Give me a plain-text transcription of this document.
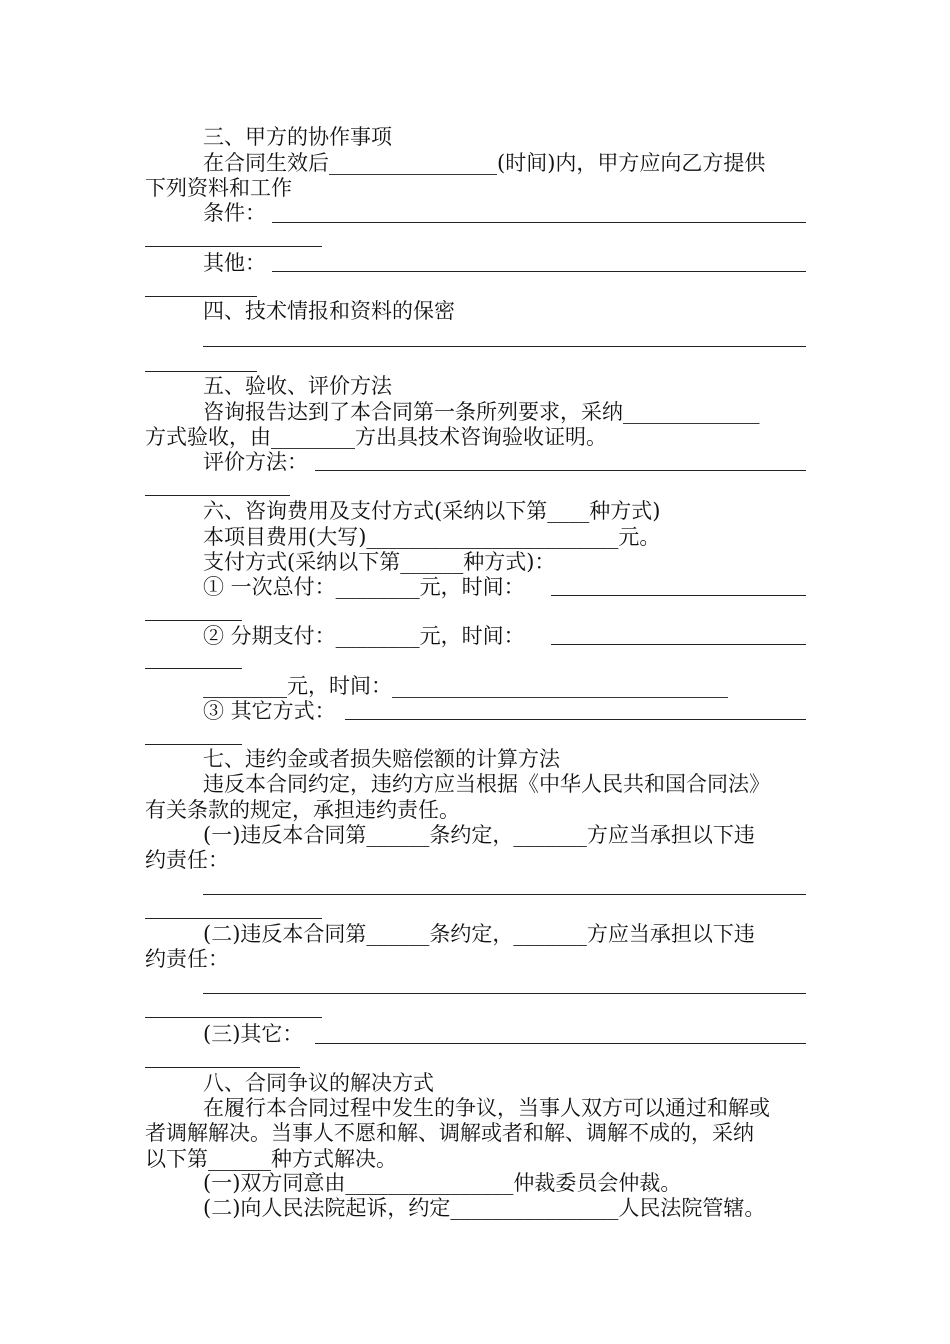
三、甲方的协作事项
在合同生效后________________(时间)内，甲方应向乙方提供
下列资料和工作
条件：
其他：
四、技术情报和资料的保密
五、验收、评价方法
咨询报告达到了本合同第一条所列要求，采纳_____________
方式验收，由________方出具技术咨询验收证明。
评价方法：
六、咨询费用及支付方式(采纳以下第____种方式)
本项目费用(大写)________________________元。
支付方式(采纳以下第______种方式)：
① 一次总付：________元，时间：
② 分期支付：________元，时间：
________元，时间：________________________________
③ 其它方式：
七、违约金或者损失赔偿额的计算方法
违反本合同约定，违约方应当根据《中华人民共和国合同法》
有关条款的规定，承担违约责任。
(一)违反本合同第______条约定，_______方应当承担以下违
约责任：
(二)违反本合同第______条约定，_______方应当承担以下违
约责任：
(三)其它：
八、合同争议的解决方式
在履行本合同过程中发生的争议，当事人双方可以通过和解或
者调解解决。当事人不愿和解、调解或者和解、调解不成的，采纳
以下第______种方式解决。
(一)双方同意由________________仲裁委员会仲裁。
(二)向人民法院起诉，约定________________人民法院管辖。
